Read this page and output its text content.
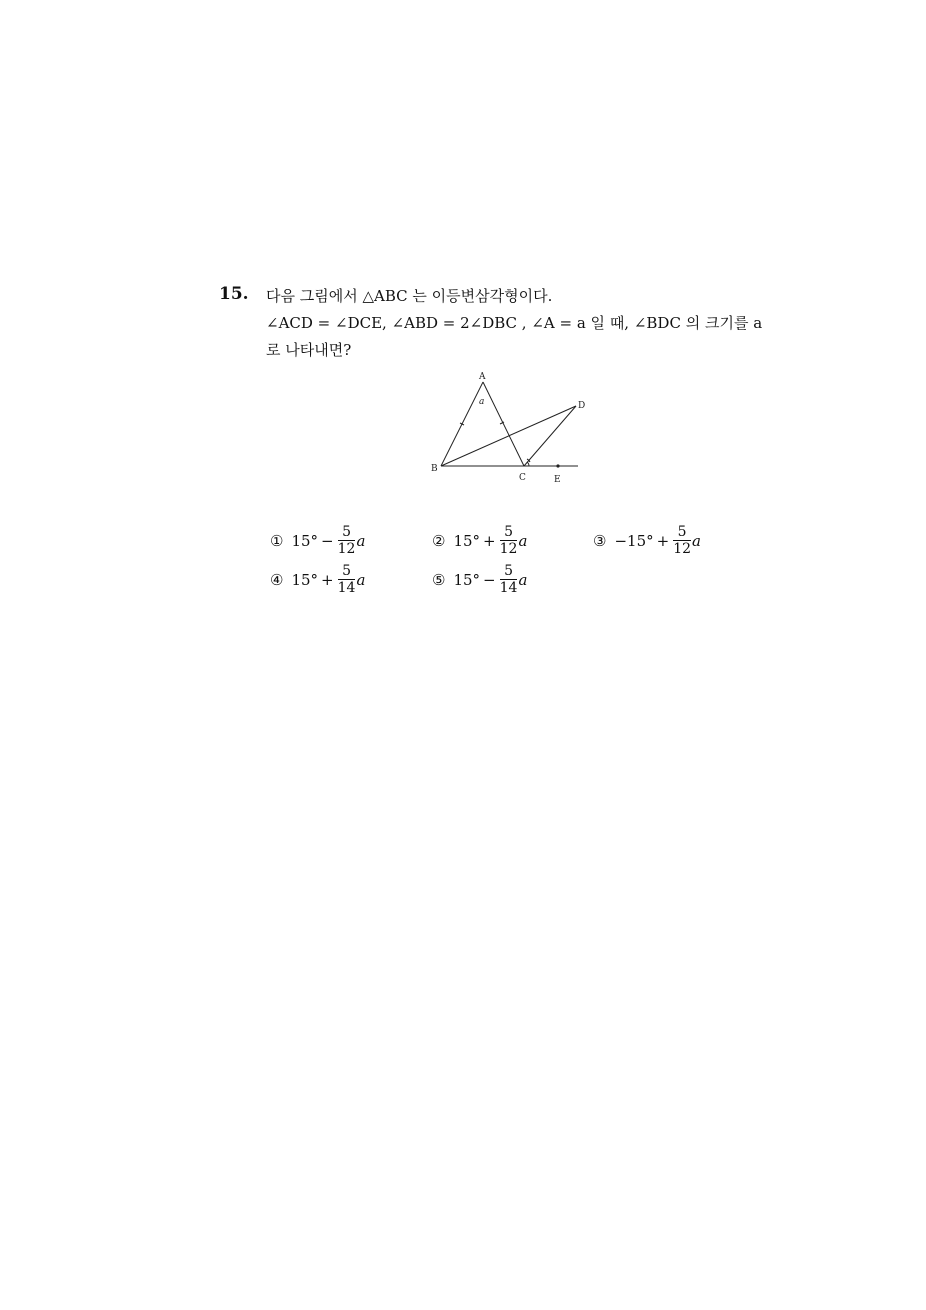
15. 다음 그림에서 △ABC 는 이등변삼각형이다.
∠ACD = ∠DCE, ∠ABD = 2∠DBC , ∠A = a 일 때, ∠BDC 의 크기를 a
로 나타내면?
A
B
C
D
E
a
① $15^\circ - \frac{5}{12}$ a	② $15^\circ + \frac{5}{12}$ a	③ $-15^\circ + \frac{5}{12}$ a
④ $15^\circ + \frac{5}{14}$ a	⑤ $15^\circ - \frac{5}{14}$ a
